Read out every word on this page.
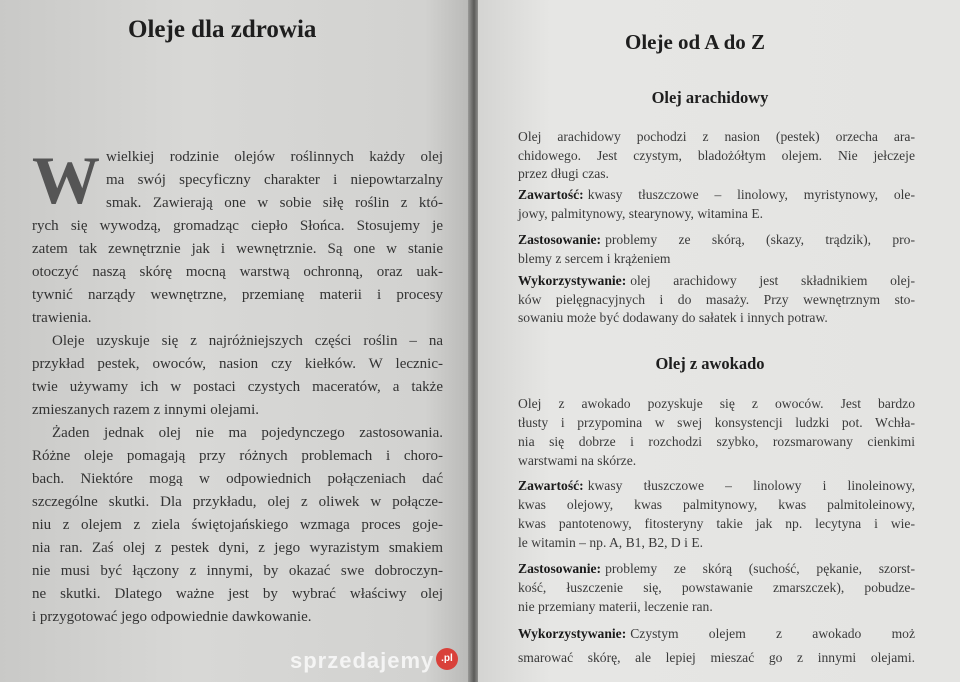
Oleje dla zdrowia
W wielkiej rodzinie olejów roślinnych każdy olej
ma swój specyficzny charakter i niepowtarzalny
smak. Zawierają one w sobie siłę roślin z któ-
rych się wywodzą, gromadząc ciepło Słońca. Stosujemy je
zatem tak zewnętrznie jak i wewnętrznie. Są one w stanie
otoczyć naszą skórę mocną warstwą ochronną, oraz uak-
tywnić narządy wewnętrzne, przemianę materii i procesy
trawienia.
Oleje uzyskuje się z najróżniejszych części roślin – na
przykład pestek, owoców, nasion czy kiełków. W lecznic-
twie używamy ich w postaci czystych maceratów, a także
zmieszanych razem z innymi olejami.
Żaden jednak olej nie ma pojedynczego zastosowania.
Różne oleje pomagają przy różnych problemach i choro-
bach. Niektóre mogą w odpowiednich połączeniach dać
szczególne skutki. Dla przykładu, olej z oliwek w połącze-
niu z olejem z ziela świętojańskiego wzmaga proces goje-
nia ran. Zaś olej z pestek dyni, z jego wyrazistym smakiem
nie musi być łączony z innymi, by okazać swe dobroczyn-
ne skutki. Dlatego ważne jest by wybrać właściwy olej
i przygotować jego odpowiednie dawkowanie.
Oleje od A do Z
Olej arachidowy
Olej arachidowy pochodzi z nasion (pestek) orzecha ara-
chidowego. Jest czystym, bladożółtym olejem. Nie jełczeje
przez długi czas.
Zawartość: kwasy tłuszczowe – linolowy, myristynowy, ole-
jowy, palmitynowy, stearynowy, witamina E.
Zastosowanie: problemy ze skórą, (skazy, trądzik), pro-
blemy z sercem i krążeniem
Wykorzystywanie: olej arachidowy jest składnikiem olej-
ków pielęgnacyjnych i do masaży. Przy wewnętrznym sto-
sowaniu może być dodawany do sałatek i innych potraw.
Olej z awokado
Olej z awokado pozyskuje się z owoców. Jest bardzo
tłusty i przypomina w swej konsystencji ludzki pot. Wchła-
nia się dobrze i rozchodzi szybko, rozsmarowany cienkimi
warstwami na skórze.
Zawartość: kwasy tłuszczowe – linolowy i linoleinowy,
kwas olejowy, kwas palmitynowy, kwas palmitoleinowy,
kwas pantotenowy, fitosteryny takie jak np. lecytyna i wie-
le witamin – np. A, B1, B2, D i E.
Zastosowanie: problemy ze skórą (suchość, pękanie, szorst-
kość, łuszczenie się, powstawanie zmarszczek), pobudze-
nie przemiany materii, leczenie ran.
Wykorzystywanie: Czystym olejem z awokado moż
smarować skórę, ale lepiej mieszać go z innymi olejami.
sprzedajemy .pl
